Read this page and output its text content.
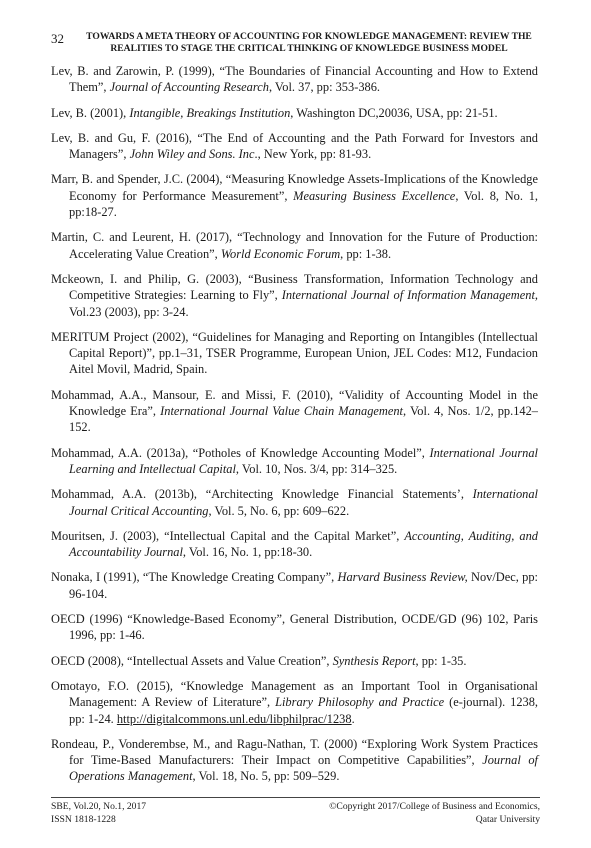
32	TOWARDS A META THEORY OF ACCOUNTING FOR KNOWLEDGE MANAGEMENT: REVIEW THE
REALITIES TO STAGE THE CRITICAL THINKING OF KNOWLEDGE BUSINESS MODEL

Lev, B. and Zarowin, P. (1999), “The Boundaries of Financial Accounting and How to Extend Them”, Journal of Accounting Research, Vol. 37, pp: 353-386.

Lev, B. (2001), Intangible, Breakings Institution, Washington DC,20036, USA, pp: 21-51.

Lev, B. and Gu, F. (2016), “The End of Accounting and the Path Forward for Investors and Managers”, John Wiley and Sons. Inc., New York, pp: 81-93.

Marr, B. and Spender, J.C. (2004), “Measuring Knowledge Assets-Implications of the Knowledge Economy for Performance Measurement”, Measuring Business Excellence, Vol. 8, No. 1, pp:18-27.

Martin, C. and Leurent, H. (2017), “Technology and Innovation for the Future of Production: Accelerating Value Creation”, World Economic Forum, pp: 1-38.

Mckeown, I. and Philip, G. (2003), “Business Transformation, Information Technology and Competitive Strategies: Learning to Fly”, International Journal of Information Management, Vol.23 (2003), pp: 3-24.

MERITUM Project (2002), “Guidelines for Managing and Reporting on Intangibles (Intellectual Capital Report)”, pp.1–31, TSER Programme, European Union, JEL Codes: M12, Fundacion Aitel Movil, Madrid, Spain.

Mohammad, A.A., Mansour, E. and Missi, F. (2010), “Validity of Accounting Model in the Knowledge Era”, International Journal Value Chain Management, Vol. 4, Nos. 1/2, pp.142–152.

Mohammad, A.A. (2013a), “Potholes of Knowledge Accounting Model”, International Journal Learning and Intellectual Capital, Vol. 10, Nos. 3/4, pp: 314–325.

Mohammad, A.A. (2013b), “Architecting Knowledge Financial Statements’, International Journal Critical Accounting, Vol. 5, No. 6, pp: 609–622.

Mouritsen, J. (2003), “Intellectual Capital and the Capital Market”, Accounting, Auditing, and Accountability Journal, Vol. 16, No. 1, pp:18-30.

Nonaka, I (1991), “The Knowledge Creating Company”, Harvard Business Review, Nov/Dec, pp: 96-104.

OECD (1996) “Knowledge-Based Economy”, General Distribution, OCDE/GD (96) 102, Paris 1996, pp: 1-46.

OECD (2008), “Intellectual Assets and Value Creation”, Synthesis Report, pp: 1-35.

Omotayo, F.O. (2015), “Knowledge Management as an Important Tool in Organisational Management: A Review of Literature”, Library Philosophy and Practice (e-journal). 1238, pp: 1-24. http://digitalcommons.unl.edu/libphilprac/1238.

Rondeau, P., Vonderembse, M., and Ragu-Nathan, T. (2000) “Exploring Work System Practices for Time-Based Manufacturers: Their Impact on Competitive Capabilities”, Journal of Operations Management, Vol. 18, No. 5, pp: 509–529.

SBE, Vol.20, No.1, 2017
ISSN 1818-1228
©Copyright 2017/College of Business and Economics,
Qatar University
